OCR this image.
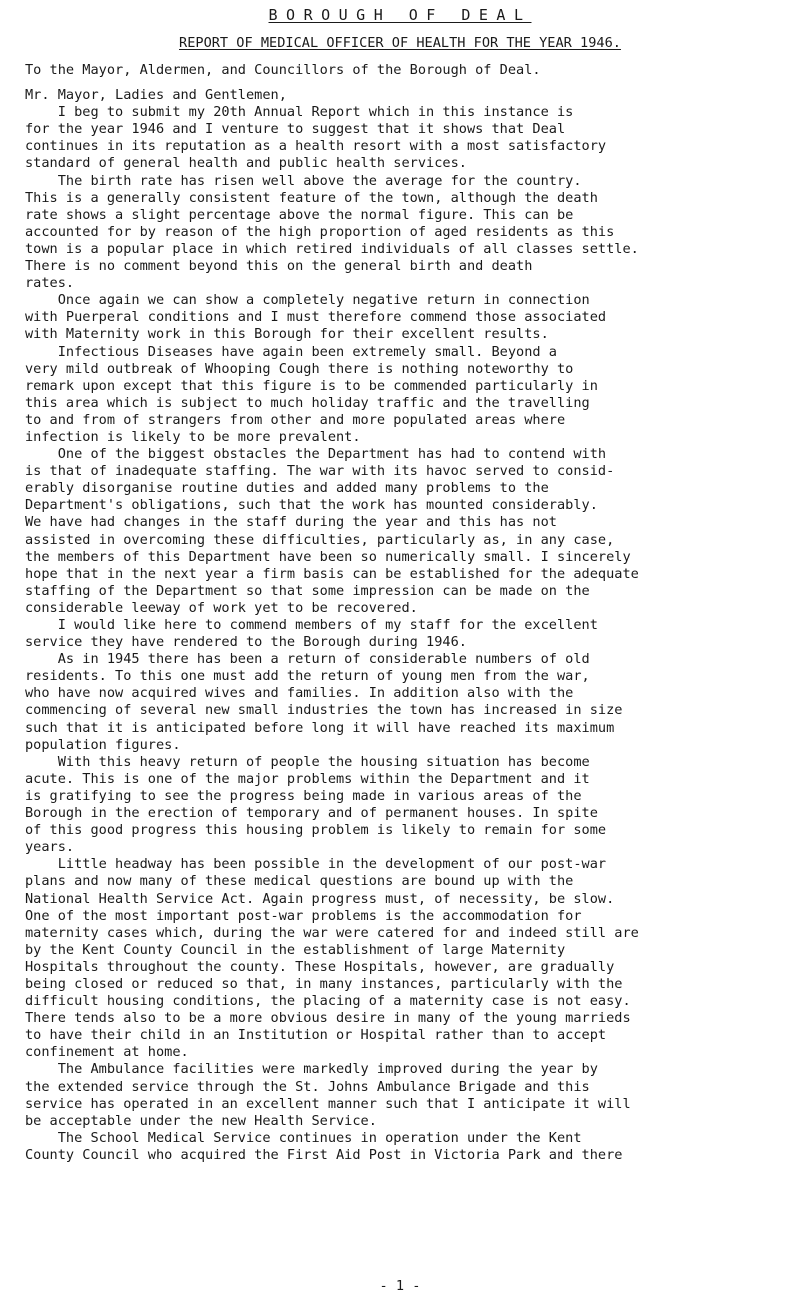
BOROUGH OF DEAL
REPORT OF MEDICAL OFFICER OF HEALTH FOR THE YEAR 1946.
To the Mayor, Aldermen, and Councillors of the Borough of Deal.
Mr. Mayor, Ladies and Gentlemen,
I beg to submit my 20th Annual Report which in this instance is
for the year 1946 and I venture to suggest that it shows that Deal
continues in its reputation as a health resort with a most satisfactory
standard of general health and public health services.
The birth rate has risen well above the average for the country.
This is a generally consistent feature of the town, although the death
rate shows a slight percentage above the normal figure. This can be
accounted for by reason of the high proportion of aged residents as this
town is a popular place in which retired individuals of all classes settle.
There is no comment beyond this on the general birth and death
rates.
Once again we can show a completely negative return in connection
with Puerperal conditions and I must therefore commend those associated
with Maternity work in this Borough for their excellent results.
Infectious Diseases have again been extremely small. Beyond a
very mild outbreak of Whooping Cough there is nothing noteworthy to
remark upon except that this figure is to be commended particularly in
this area which is subject to much holiday traffic and the travelling
to and from of strangers from other and more populated areas where
infection is likely to be more prevalent.
One of the biggest obstacles the Department has had to contend with
is that of inadequate staffing. The war with its havoc served to consid-
erably disorganise routine duties and added many problems to the
Department's obligations, such that the work has mounted considerably.
We have had changes in the staff during the year and this has not
assisted in overcoming these difficulties, particularly as, in any case,
the members of this Department have been so numerically small. I sincerely
hope that in the next year a firm basis can be established for the adequate
staffing of the Department so that some impression can be made on the
considerable leeway of work yet to be recovered.
I would like here to commend members of my staff for the excellent
service they have rendered to the Borough during 1946.
As in 1945 there has been a return of considerable numbers of old
residents. To this one must add the return of young men from the war,
who have now acquired wives and families. In addition also with the
commencing of several new small industries the town has increased in size
such that it is anticipated before long it will have reached its maximum
population figures.
With this heavy return of people the housing situation has become
acute. This is one of the major problems within the Department and it
is gratifying to see the progress being made in various areas of the
Borough in the erection of temporary and of permanent houses. In spite
of this good progress this housing problem is likely to remain for some
years.
Little headway has been possible in the development of our post-war
plans and now many of these medical questions are bound up with the
National Health Service Act. Again progress must, of necessity, be slow.
One of the most important post-war problems is the accommodation for
maternity cases which, during the war were catered for and indeed still are
by the Kent County Council in the establishment of large Maternity
Hospitals throughout the county. These Hospitals, however, are gradually
being closed or reduced so that, in many instances, particularly with the
difficult housing conditions, the placing of a maternity case is not easy.
There tends also to be a more obvious desire in many of the young marrieds
to have their child in an Institution or Hospital rather than to accept
confinement at home.
The Ambulance facilities were markedly improved during the year by
the extended service through the St. Johns Ambulance Brigade and this
service has operated in an excellent manner such that I anticipate it will
be acceptable under the new Health Service.
The School Medical Service continues in operation under the Kent
County Council who acquired the First Aid Post in Victoria Park and there
- 1 -
